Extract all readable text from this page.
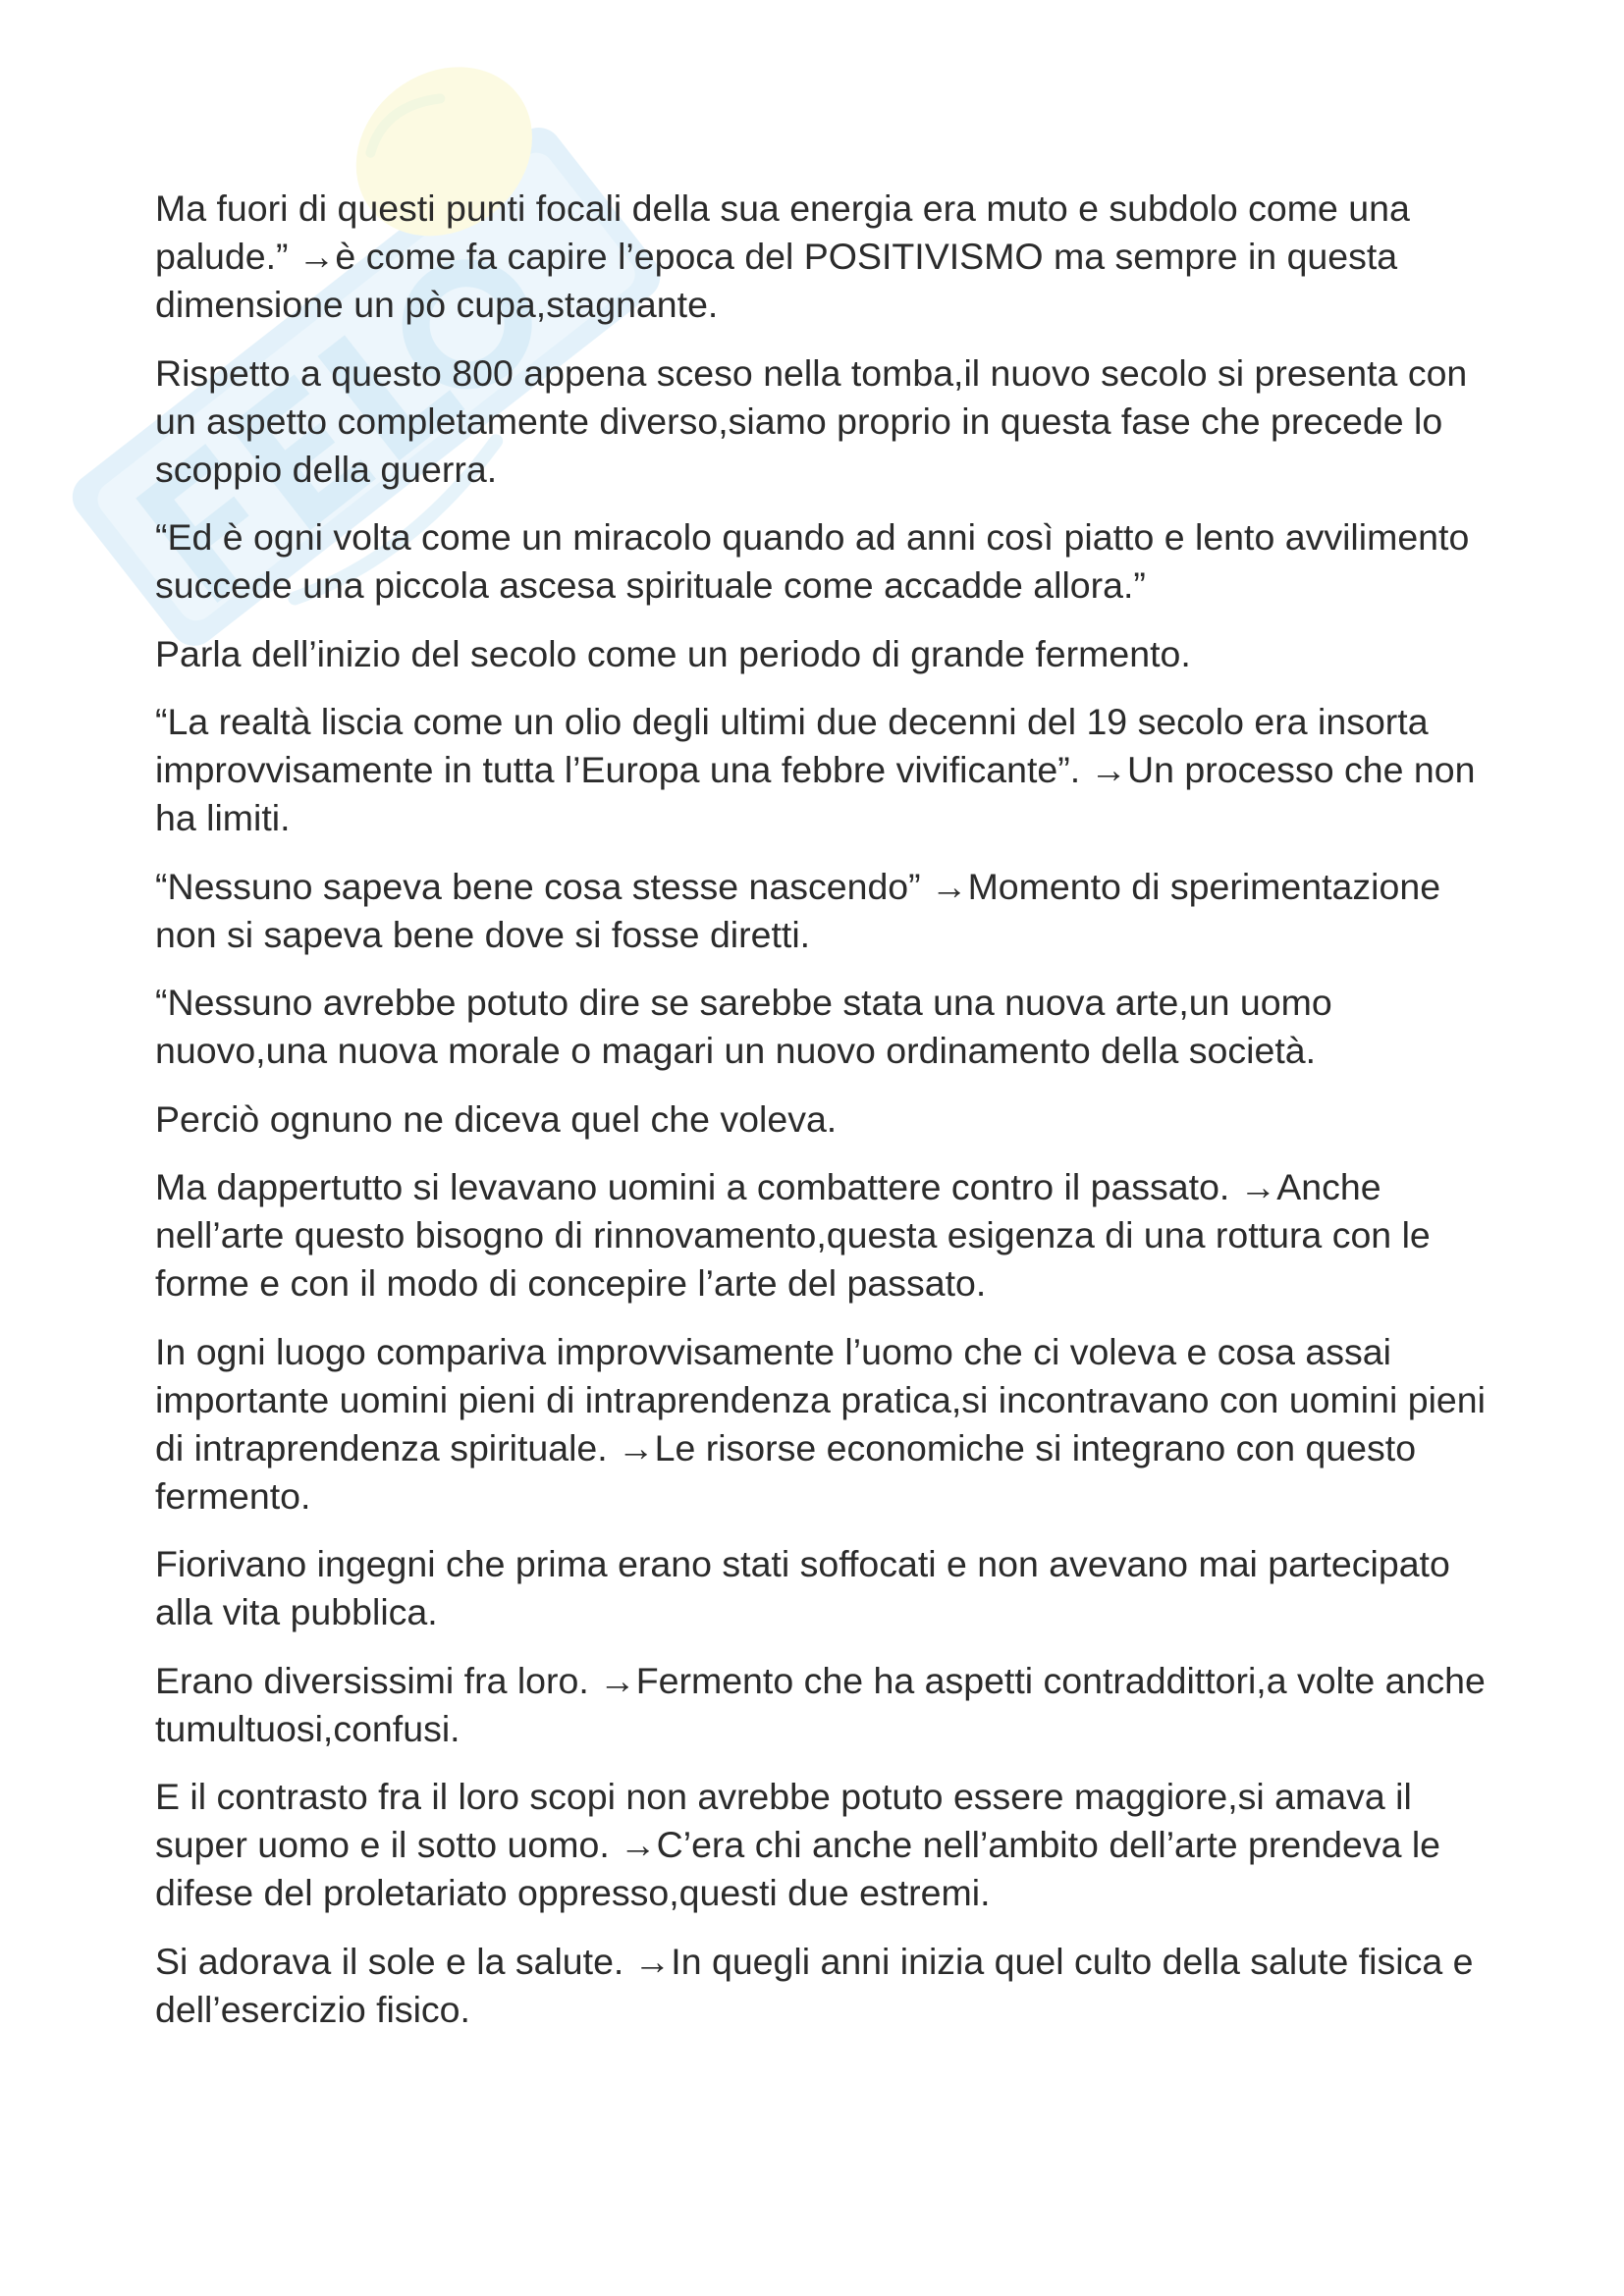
Ma fuori di questi punti focali della sua energia era muto e subdolo come una palude.” →è come fa capire l’epoca del POSITIVISMO ma sempre in questa dimensione un pò cupa,stagnante.

Rispetto a questo 800 appena sceso nella tomba,il nuovo secolo si presenta con un aspetto completamente diverso,siamo proprio in questa fase che precede lo scoppio della guerra.

“Ed è ogni volta come un miracolo quando ad anni così piatto e lento avvilimento succede una piccola ascesa spirituale come accadde allora.”

Parla dell’inizio del secolo come un periodo di grande fermento.

“La realtà liscia come un olio degli ultimi due decenni del 19 secolo era insorta improvvisamente in tutta l’Europa una febbre vivificante”. →Un processo che non ha limiti.

“Nessuno sapeva bene cosa stesse nascendo” →Momento di sperimentazione non si sapeva bene dove si fosse diretti.

“Nessuno avrebbe potuto dire se sarebbe stata una nuova arte,un uomo nuovo,una nuova morale o magari un nuovo ordinamento della società.

Perciò ognuno ne diceva quel che voleva.

Ma dappertutto si levavano uomini a combattere contro il passato. →Anche nell’arte questo bisogno di rinnovamento,questa esigenza di una rottura con le forme e con il modo di concepire l’arte del passato.

In ogni luogo compariva improvvisamente l’uomo che ci voleva e cosa assai importante uomini pieni di intraprendenza pratica,si incontravano con uomini pieni di intraprendenza spirituale. →Le risorse economiche si integrano con questo fermento.

Fiorivano ingegni che prima erano stati soffocati e non avevano mai partecipato alla vita pubblica.

Erano diversissimi fra loro. →Fermento che ha aspetti contraddittori,a volte anche tumultuosi,confusi.

E il contrasto fra il loro scopi non avrebbe potuto essere maggiore,si amava il super uomo e il sotto uomo. →C’era chi anche nell’ambito dell’arte prendeva le difese del proletariato oppresso,questi due estremi.

Si adorava il sole e la salute. →In quegli anni inizia quel culto della salute fisica e dell’esercizio fisico.
